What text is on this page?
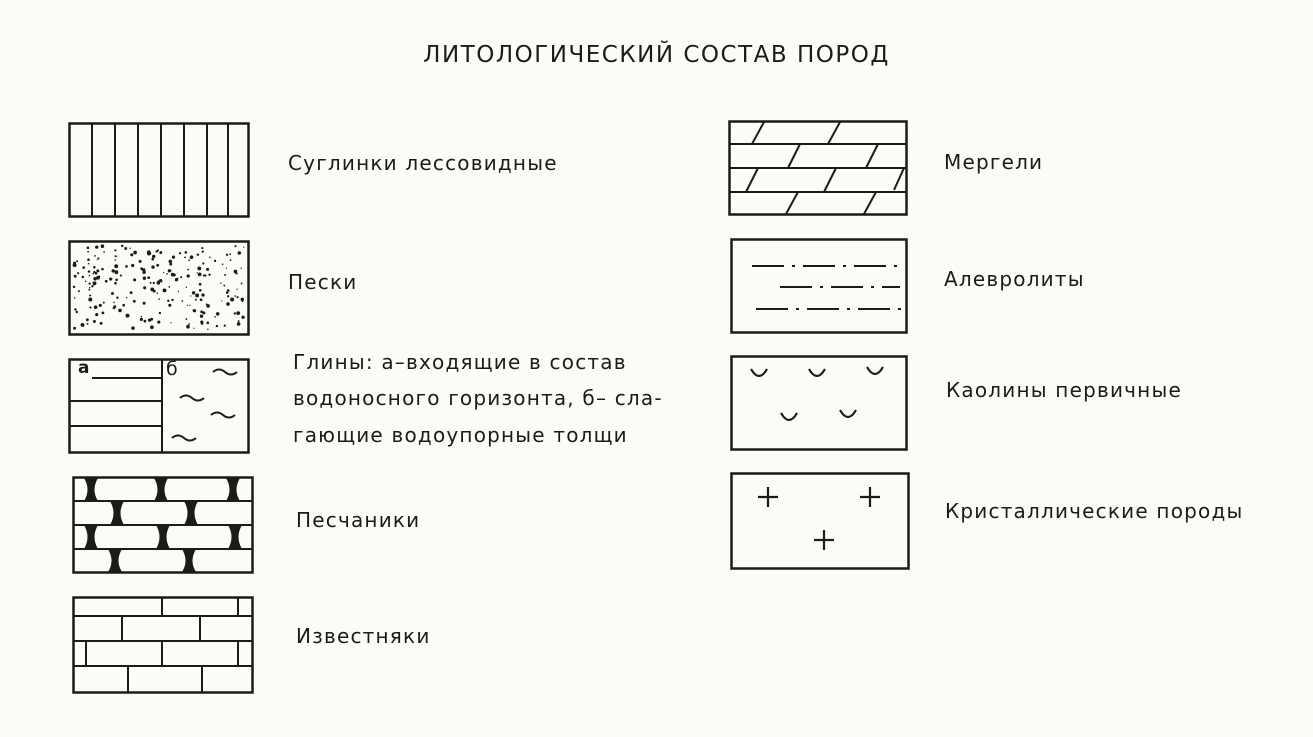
ЛИТОЛОГИЧЕСКИЙ СОСТАВ ПОРОД
Суглинки лессовидные
Пески
a	б	Глины: а–входящие в состав
водоносного горизонта, б– сла-
гающие водоупорные толщи
Песчаники
Известняки
Мергели
Алевролиты
Каолины первичные
Кристаллические породы
